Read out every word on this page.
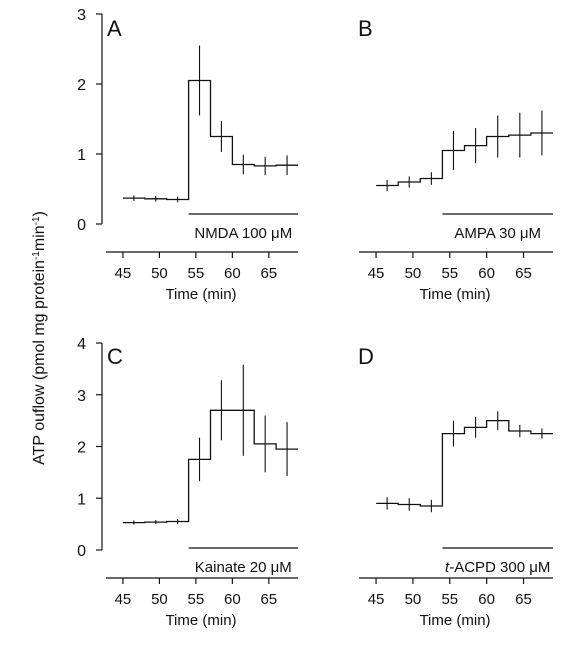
ATP ouflow (pmol mg $protein^{-1}\min^{-1}$)
A
0
1
2
3
45 50 55 60 65
Time (min)
NMDA 100 μM
B
45 50 55 60 65
Time (min)
AMPA 30 μM
C
0
1
2
3
4
45 50 55 60 65
Time (min)
Kainate 20 μM
D
45 50 55 60 65
Time (min)
t-ACPD 300 μM
